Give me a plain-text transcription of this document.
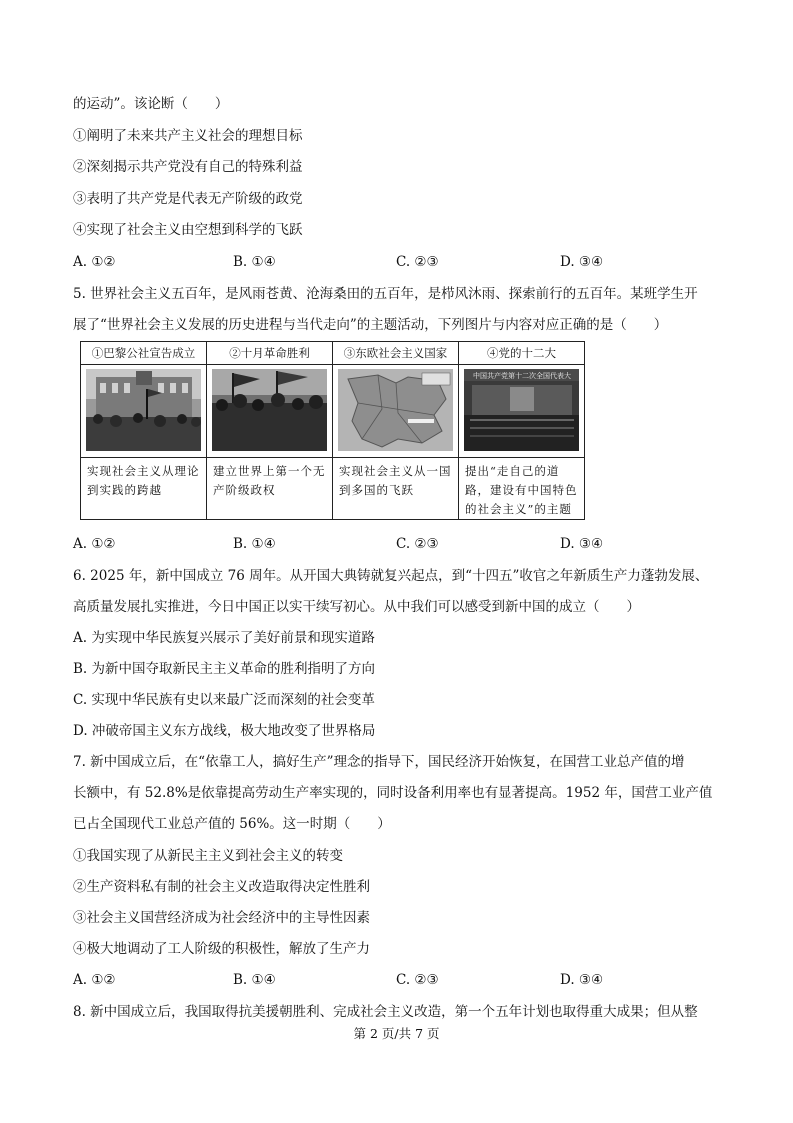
的运动”。该论断（　　）
①阐明了未来共产主义社会的理想目标
②深刻揭示共产党没有自己的特殊利益
③表明了共产党是代表无产阶级的政党
④实现了社会主义由空想到科学的飞跃
A. ①②	B. ①④	C. ②③	D. ③④
5. 世界社会主义五百年，是风雨苍黄、沧海桑田的五百年，是栉风沐雨、探索前行的五百年。某班学生开
展了“世界社会主义发展的历史进程与当代走向”的主题活动，下列图片与内容对应正确的是（　　）
①巴黎公社宣告成立	②十月革命胜利	③东欧社会主义国家	④党的十二大

中国共产党第十二次全国代表大

实现社会主义从理论到实践的跨越	建立世界上第一个无产阶级政权	实现社会主义从一国到多国的飞跃	提出“走自己的道路，建设有中国特色的社会主义”的主题
A. ①②	B. ①④	C. ②③	D. ③④
6. 2025 年，新中国成立 76 周年。从开国大典铸就复兴起点，到“十四五”收官之年新质生产力蓬勃发展、
高质量发展扎实推进，今日中国正以实干续写初心。从中我们可以感受到新中国的成立（　　）
A. 为实现中华民族复兴展示了美好前景和现实道路
B. 为新中国夺取新民主主义革命的胜利指明了方向
C. 实现中华民族有史以来最广泛而深刻的社会变革
D. 冲破帝国主义东方战线，极大地改变了世界格局
7. 新中国成立后，在“依靠工人，搞好生产”理念的指导下，国民经济开始恢复，在国营工业总产值的增
长额中，有 52.8%是依靠提高劳动生产率实现的，同时设备利用率也有显著提高。1952 年，国营工业产值
已占全国现代工业总产值的 56%。这一时期（　　）
①我国实现了从新民主主义到社会主义的转变
②生产资料私有制的社会主义改造取得决定性胜利
③社会主义国营经济成为社会经济中的主导性因素
④极大地调动了工人阶级的积极性，解放了生产力
A. ①②	B. ①④	C. ②③	D. ③④
8. 新中国成立后，我国取得抗美援朝胜利、完成社会主义改造，第一个五年计划也取得重大成果；但从整
第 2 页/共 7 页
